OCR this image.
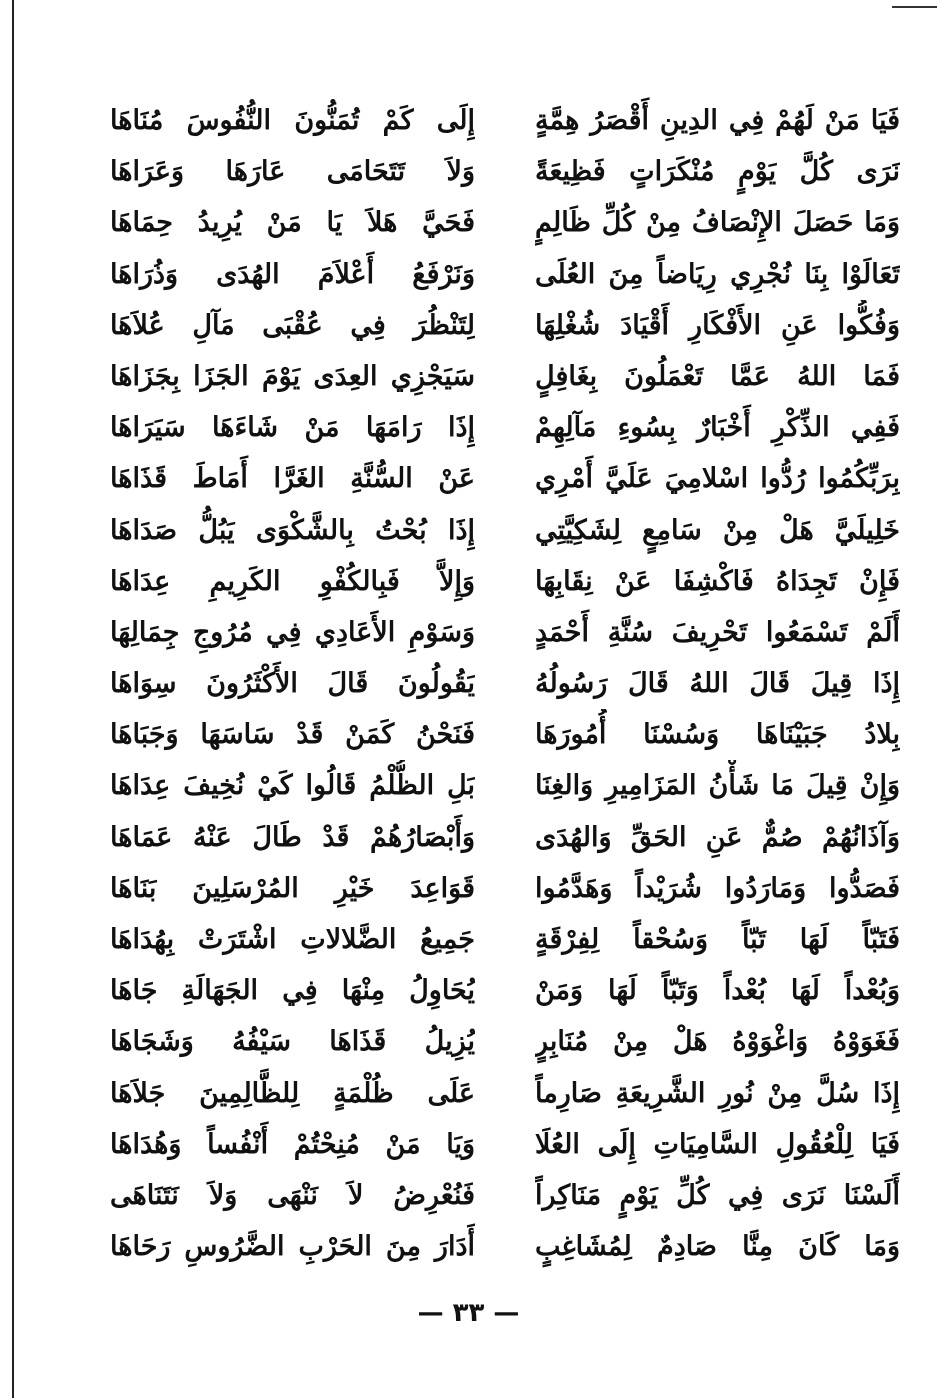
فَيَا مَنْ لَهُمْ فِي الدِينِ أَقْصَرُ هِمَّةٍ
نَرَى كُلَّ يَوْمٍ مُنْكَرَاتٍ فَظِيعَةً
وَمَا حَصَلَ الإِنْصَافُ مِنْ كُلِّ ظَالِمٍ
تَعَالَوْا بِنَا نُجْرِي رِيَاضاً مِنَ العُلَى
وَفُكُّوا عَنِ الأَفْكَارِ أَقْيَادَ شُغْلِهَا
فَمَا اللهُ عَمَّا تَعْمَلُونَ بِغَافِلٍ
فَفِي الذِّكْرِ أَخْبَارٌ بِسُوءِ مَآلِهِمْ
بِرَبِّكُمُوا رُدُّوا اسْلامِيَ عَلَيَّ أَمْرِي
خَلِيلَيَّ هَلْ مِنْ سَامِعٍ لِشَكِيَّتِي
فَإِنْ تَجِدَاهُ فَاكْشِفَا عَنْ نِقَابِهَا
أَلَمْ تَسْمَعُوا تَحْرِيفَ سُنَّةِ أَحْمَدٍ
إِذَا قِيلَ قَالَ اللهُ قَالَ رَسُولُهُ
بِلادُ جَبَيْنَاهَا وَسُسْنَا أُمُورَهَا
وَإِنْ قِيلَ مَا شَأْنُ المَزَامِيرِ وَالغِنَا
وَآذَانُهُمْ صُمٌّ عَنِ الحَقِّ وَالهُدَى
فَصَدُّوا وَمَارَدُوا شُرَيْداً وَهَدَّمُوا
فَتَبّاً لَهَا تَبّاً وَسُحْقاً لِفِرْقَةٍ
وَبُعْداً لَهَا بُعْداً وَتَبّاً لَهَا وَمَنْ
فَغَوَوْهُ وَاغْوَوْهُ هَلْ مِنْ مُنَابِرٍ
إِذَا سُلَّ مِنْ نُورِ الشَّرِيعَةِ صَارِماً
فَيَا لِلْعُقُولِ السَّامِيَاتِ إِلَى العُلَا
أَلَسْنَا نَرَى فِي كُلِّ يَوْمٍ مَنَاكِراً
وَمَا كَانَ مِنَّا صَادِمٌ لِمُشَاغِبٍ
إِلَى كَمْ تُمَنُّونَ النُّفُوسَ مُنَاهَا
وَلاَ تَتَحَامَى عَارَهَا وَعَرَاهَا
فَحَيَّ هَلاَ يَا مَنْ يُرِيدُ حِمَاهَا
وَنَرْفَعُ أَعْلاَمَ الهُدَى وَذُرَاهَا
لِتَنْظُرَ فِي عُقْبَى مَآلِ عُلاَهَا
سَيَجْزِي العِدَى يَوْمَ الجَزَا بِجَزَاهَا
إِذَا رَامَهَا مَنْ شَاءَهَا سَيَرَاهَا
عَنْ السُّنَّةِ الغَرَّا أَمَاطَ قَذَاهَا
إِذَا بُحْتُ بِالشَّكْوَى يَبُلُّ صَدَاهَا
وَإِلاَّ فَبِالكُفْوِ الكَرِيمِ عِدَاهَا
وَسَوْمِ الأَعَادِي فِي مُرُوجِ جِمَالِهَا
يَقُولُونَ قَالَ الأَكْثَرُونَ سِوَاهَا
فَنَحْنُ كَمَنْ قَدْ سَاسَهَا وَجَبَاهَا
بَلِ الظُّلْمُ قَالُوا كَيْ نُخِيفَ عِدَاهَا
وَأَبْصَارُهُمْ قَدْ طَالَ عَنْهُ عَمَاهَا
قَوَاعِدَ خَيْرِ المُرْسَلِينَ بَنَاهَا
جَمِيعُ الضَّلالاتِ اشْتَرَتْ بِهُدَاهَا
يُحَاوِلُ مِنْهَا فِي الجَهَالَةِ جَاهَا
يُزِيلُ قَذَاهَا سَيْفُهُ وَشَجَاهَا
عَلَى ظُلْمَةٍ لِلظَّالِمِينَ جَلاَهَا
وَيَا مَنْ مُنِحْتُمْ أَنْفُساً وَهُدَاهَا
فَنُعْرِضُ لاَ نَنْهَى وَلاَ نَتَنَاهَى
أَدَارَ مِنَ الحَرْبِ الضَّرُوسِ رَحَاهَا
— ٣٣ —
